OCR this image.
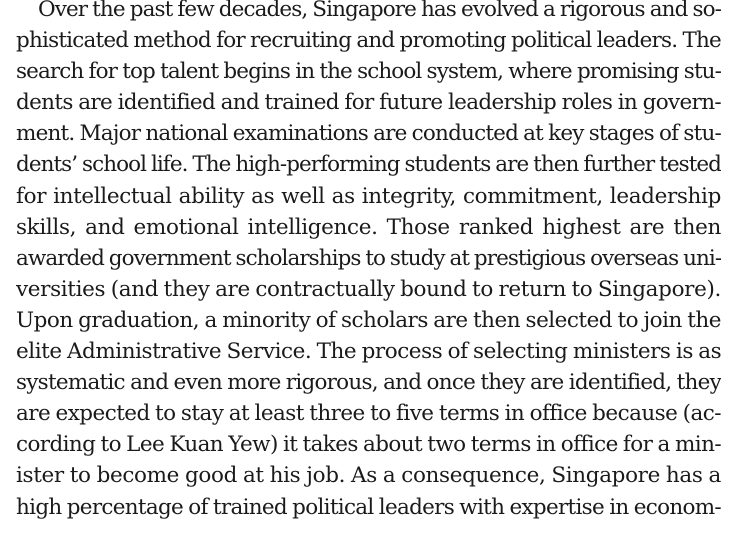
Over the past few decades, Singapore has evolved a rigorous and so-
phisticated method for recruiting and promoting political leaders. The
search for top talent begins in the school system, where promising stu-
dents are identified and trained for future leadership roles in govern-
ment. Major national examinations are conducted at key stages of stu-
dents’ school life. The high-performing students are then further tested
for intellectual ability as well as integrity, commitment, leadership
skills, and emotional intelligence. Those ranked highest are then
awarded government scholarships to study at prestigious overseas uni-
versities (and they are contractually bound to return to Singapore).
Upon graduation, a minority of scholars are then selected to join the
elite Administrative Service. The process of selecting ministers is as
systematic and even more rigorous, and once they are identified, they
are expected to stay at least three to five terms in office because (ac-
cording to Lee Kuan Yew) it takes about two terms in office for a min-
ister to become good at his job. As a consequence, Singapore has a
high percentage of trained political leaders with expertise in econom-
